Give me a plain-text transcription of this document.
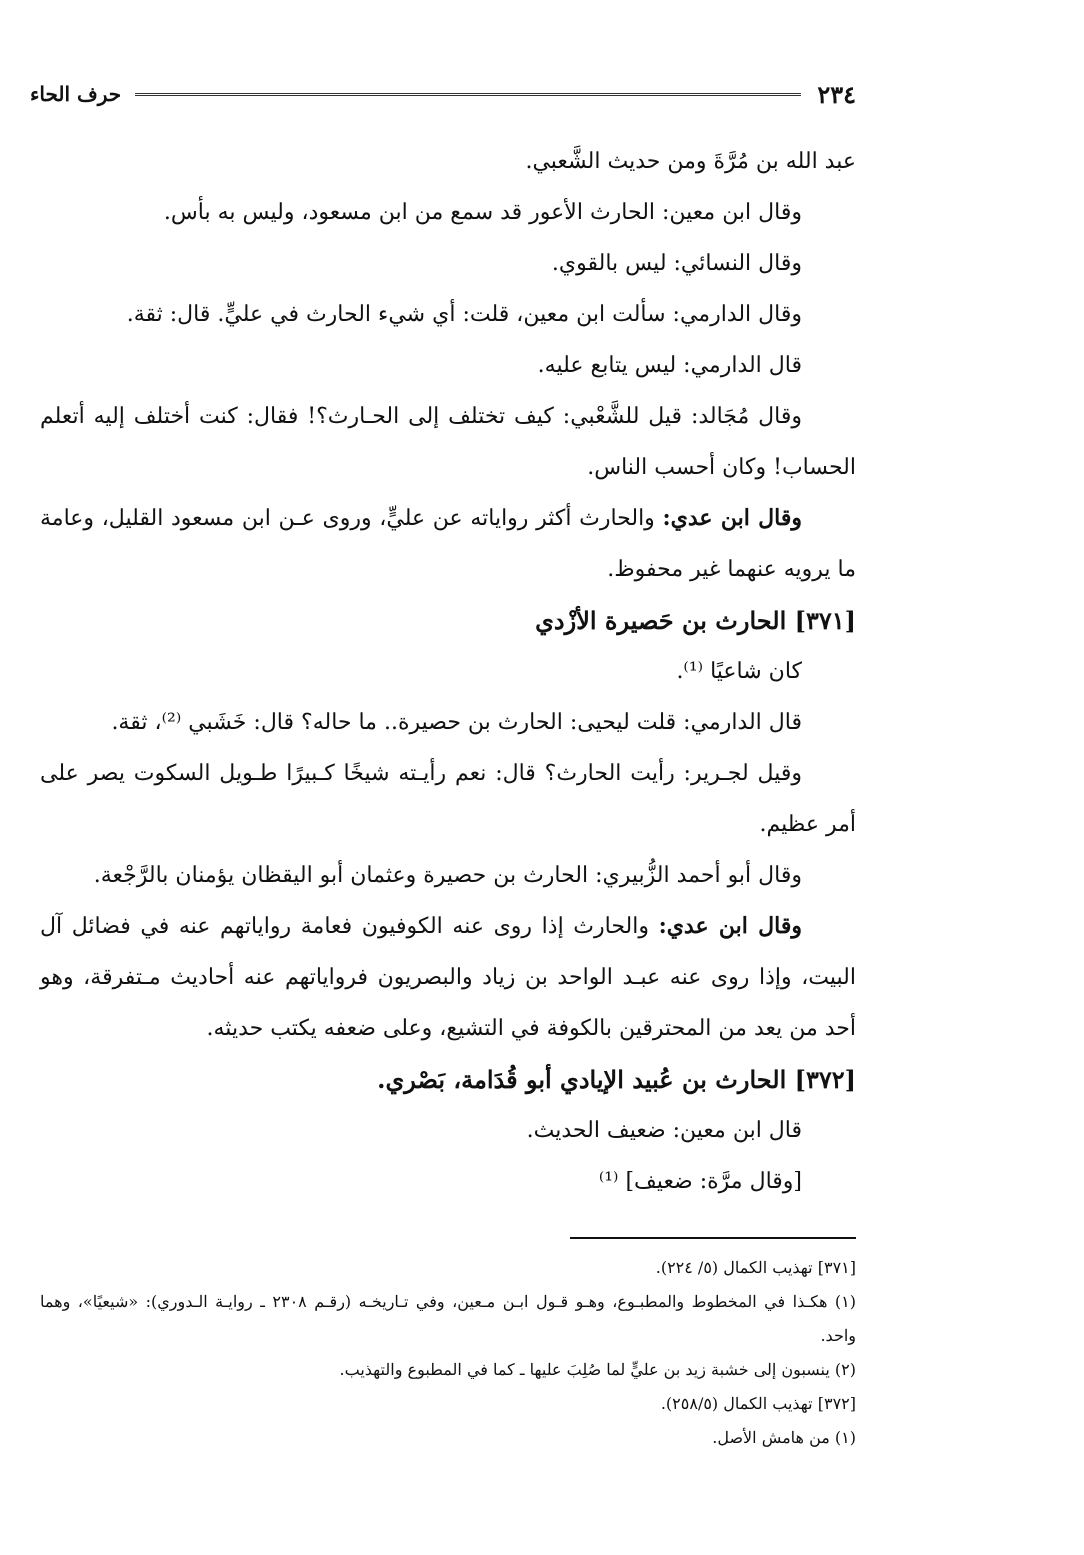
٢٣٤
حرف الحاء

عبد الله بن مُرَّةَ ومن حديث الشَّعبي.

وقال ابن معين: الحارث الأعور قد سمع من ابن مسعود، وليس به بأس.

وقال النسائي: ليس بالقوي.

وقال الدارمي: سألت ابن معين، قلت: أي شيء الحارث في عليٍّ. قال: ثقة.

قال الدارمي: ليس يتابع عليه.

وقال مُجَالد: قيل للشَّعْبي: كيف تختلف إلى الحـارث؟! فقال: كنت أختلف إليه أتعلم الحساب! وكان أحسب الناس.

وقال ابن عدي: والحارث أكثر رواياته عن عليٍّ، وروى عـن ابن مسعود القليل، وعامة ما يرويه عنهما غير محفوظ.

[٣٧١] الحارث بن حَصيرة الأزْدي

كان شاعيًا ⁽¹⁾.

قال الدارمي: قلت ليحيى: الحارث بن حصيرة.. ما حاله؟ قال: خَشَبي ⁽²⁾، ثقة.

وقيل لجـرير: رأيت الحارث؟ قال: نعم رأيـته شيخًا كـبيرًا طـويل السكوت يصر على أمر عظيم.

وقال أبو أحمد الزُّبيري: الحارث بن حصيرة وعثمان أبو اليقظان يؤمنان بالرَّجْعة.

وقال ابن عدي: والحارث إذا روى عنه الكوفيون فعامة رواياتهم عنه في فضائل آل البيت، وإذا روى عنه عبـد الواحد بن زياد والبصريون فرواياتهم عنه أحاديث مـتفرقة، وهو أحد من يعد من المحترقين بالكوفة في التشيع، وعلى ضعفه يكتب حديثه.

[٣٧٢] الحارث بن عُبيد الإيادي أبو قُدَامة، بَصْري.

قال ابن معين: ضعيف الحديث.

[وقال مرَّة: ضعيف] ⁽¹⁾

[٣٧١] تهذيب الكمال (٥/ ٢٢٤).

(١) هكـذا في المخطوط والمطبـوع، وهـو قـول ابـن مـعين، وفي تـاريخـه (رقـم ٢٣٠٨ ـ روايـة الـدوري): «شيعيًا»، وهما واحد.

(٢) ينسبون إلى خشبة زيد بن عليٍّ لما صُلِبَ عليها ـ كما في المطبوع والتهذيب.

[٣٧٢] تهذيب الكمال (٢٥٨/٥).

(١) من هامش الأصل.
